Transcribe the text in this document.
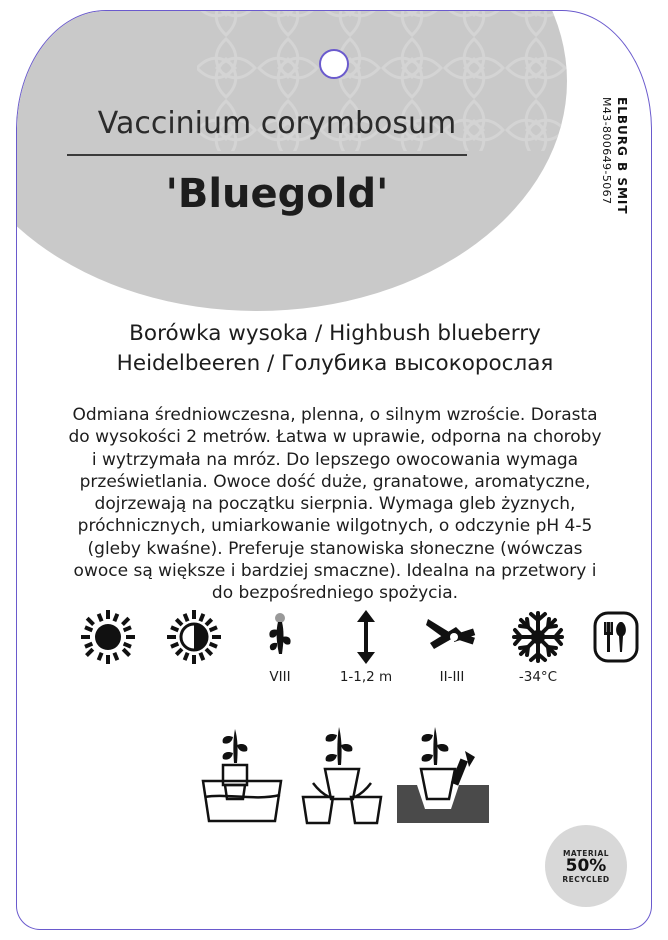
ELBURG B SMIT
M43-800649-5067
Vaccinium corymbosum
'Bluegold'
Borówka wysoka / Highbush blueberry
Heidelbeeren / Голубика высокорослая
Odmiana średniowczesna, plenna, o silnym wzroście. Dorasta do wysokości 2 metrów. Łatwa w uprawie, odporna na choroby i wytrzymała na mróz. Do lepszego owocowania wymaga prześwietlania. Owoce dość duże, granatowe, aromatyczne, dojrzewają na początku sierpnia. Wymaga gleb żyznych, próchnicznych, umiarkowanie wilgotnych, o odczynie pH 4-5 (gleby kwaśne). Preferuje stanowiska słoneczne (wówczas owoce są większe i bardziej smaczne). Idealna na przetwory i do bezpośredniego spożycia.
VIII	1-1,2 m	II-III	-34°C
MATERIAL
50%
RECYCLED
